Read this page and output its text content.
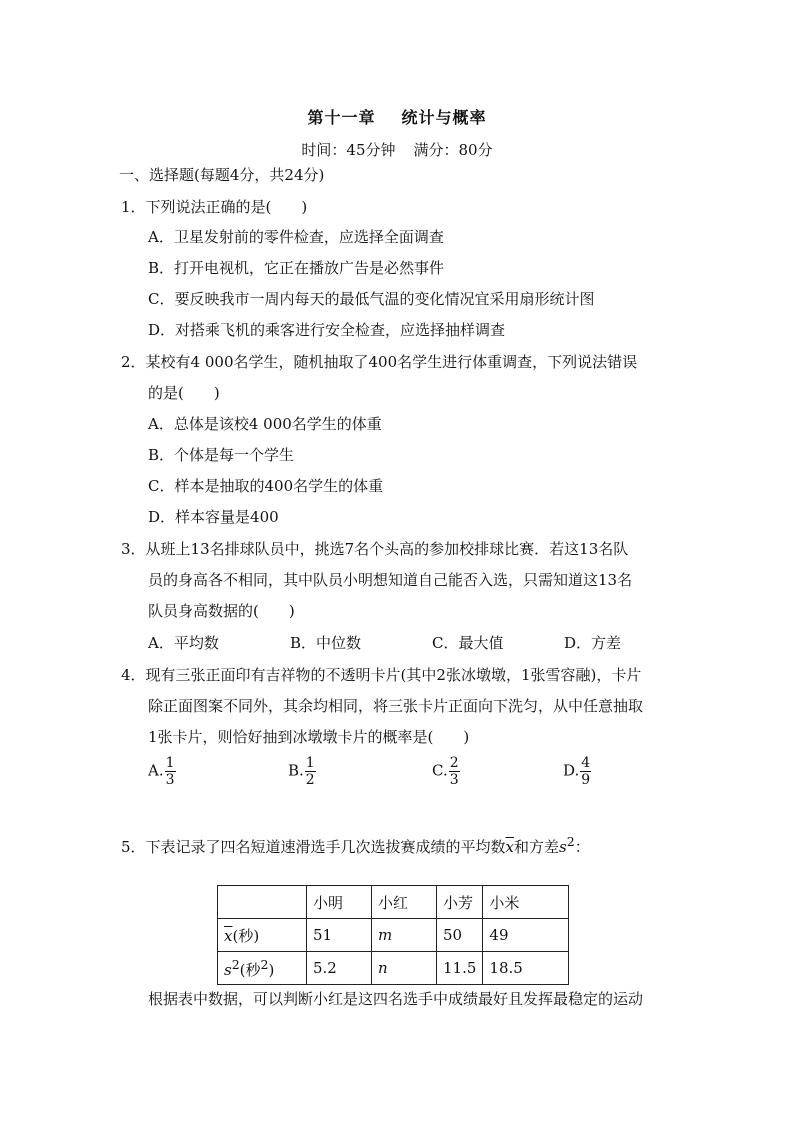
第十一章 统计与概率
时间：45分钟 满分：80分
一、选择题(每题4分，共24分)
1．下列说法正确的是(　　)
A．卫星发射前的零件检查，应选择全面调查
B．打开电视机，它正在播放广告是必然事件
C．要反映我市一周内每天的最低气温的变化情况宜采用扇形统计图
D．对搭乘飞机的乘客进行安全检查，应选择抽样调查
2．某校有4 000名学生，随机抽取了400名学生进行体重调查，下列说法错误
的是(　　)
A．总体是该校4 000名学生的体重
B．个体是每一个学生
C．样本是抽取的400名学生的体重
D．样本容量是400
3．从班上13名排球队员中，挑选7名个头高的参加校排球比赛．若这13名队
员的身高各不相同，其中队员小明想知道自己能否入选，只需知道这13名
队员身高数据的(　　)
A．平均数	B．中位数	C．最大值	D．方差
4．现有三张正面印有吉祥物的不透明卡片(其中2张冰墩墩，1张雪容融)，卡片
除正面图案不同外，其余均相同，将三张卡片正面向下洗匀，从中任意抽取
1张卡片，则恰好抽到冰墩墩卡片的概率是(　　)
A. $\frac{1}{3}$	B. $\frac{1}{2}$	C. $\frac{2}{3}$	D. $\frac{4}{9}$
5．下表记录了四名短道速滑选手几次选拔赛成绩的平均数$\overline{x}$和方差$s^2$：
	小明	小红	小芳	小米
$\overline{x}$(秒)	51	m	50	49
$s^2$(秒$^2$)	5.2	n	11.5	18.5
根据表中数据，可以判断小红是这四名选手中成绩最好且发挥最稳定的运动
